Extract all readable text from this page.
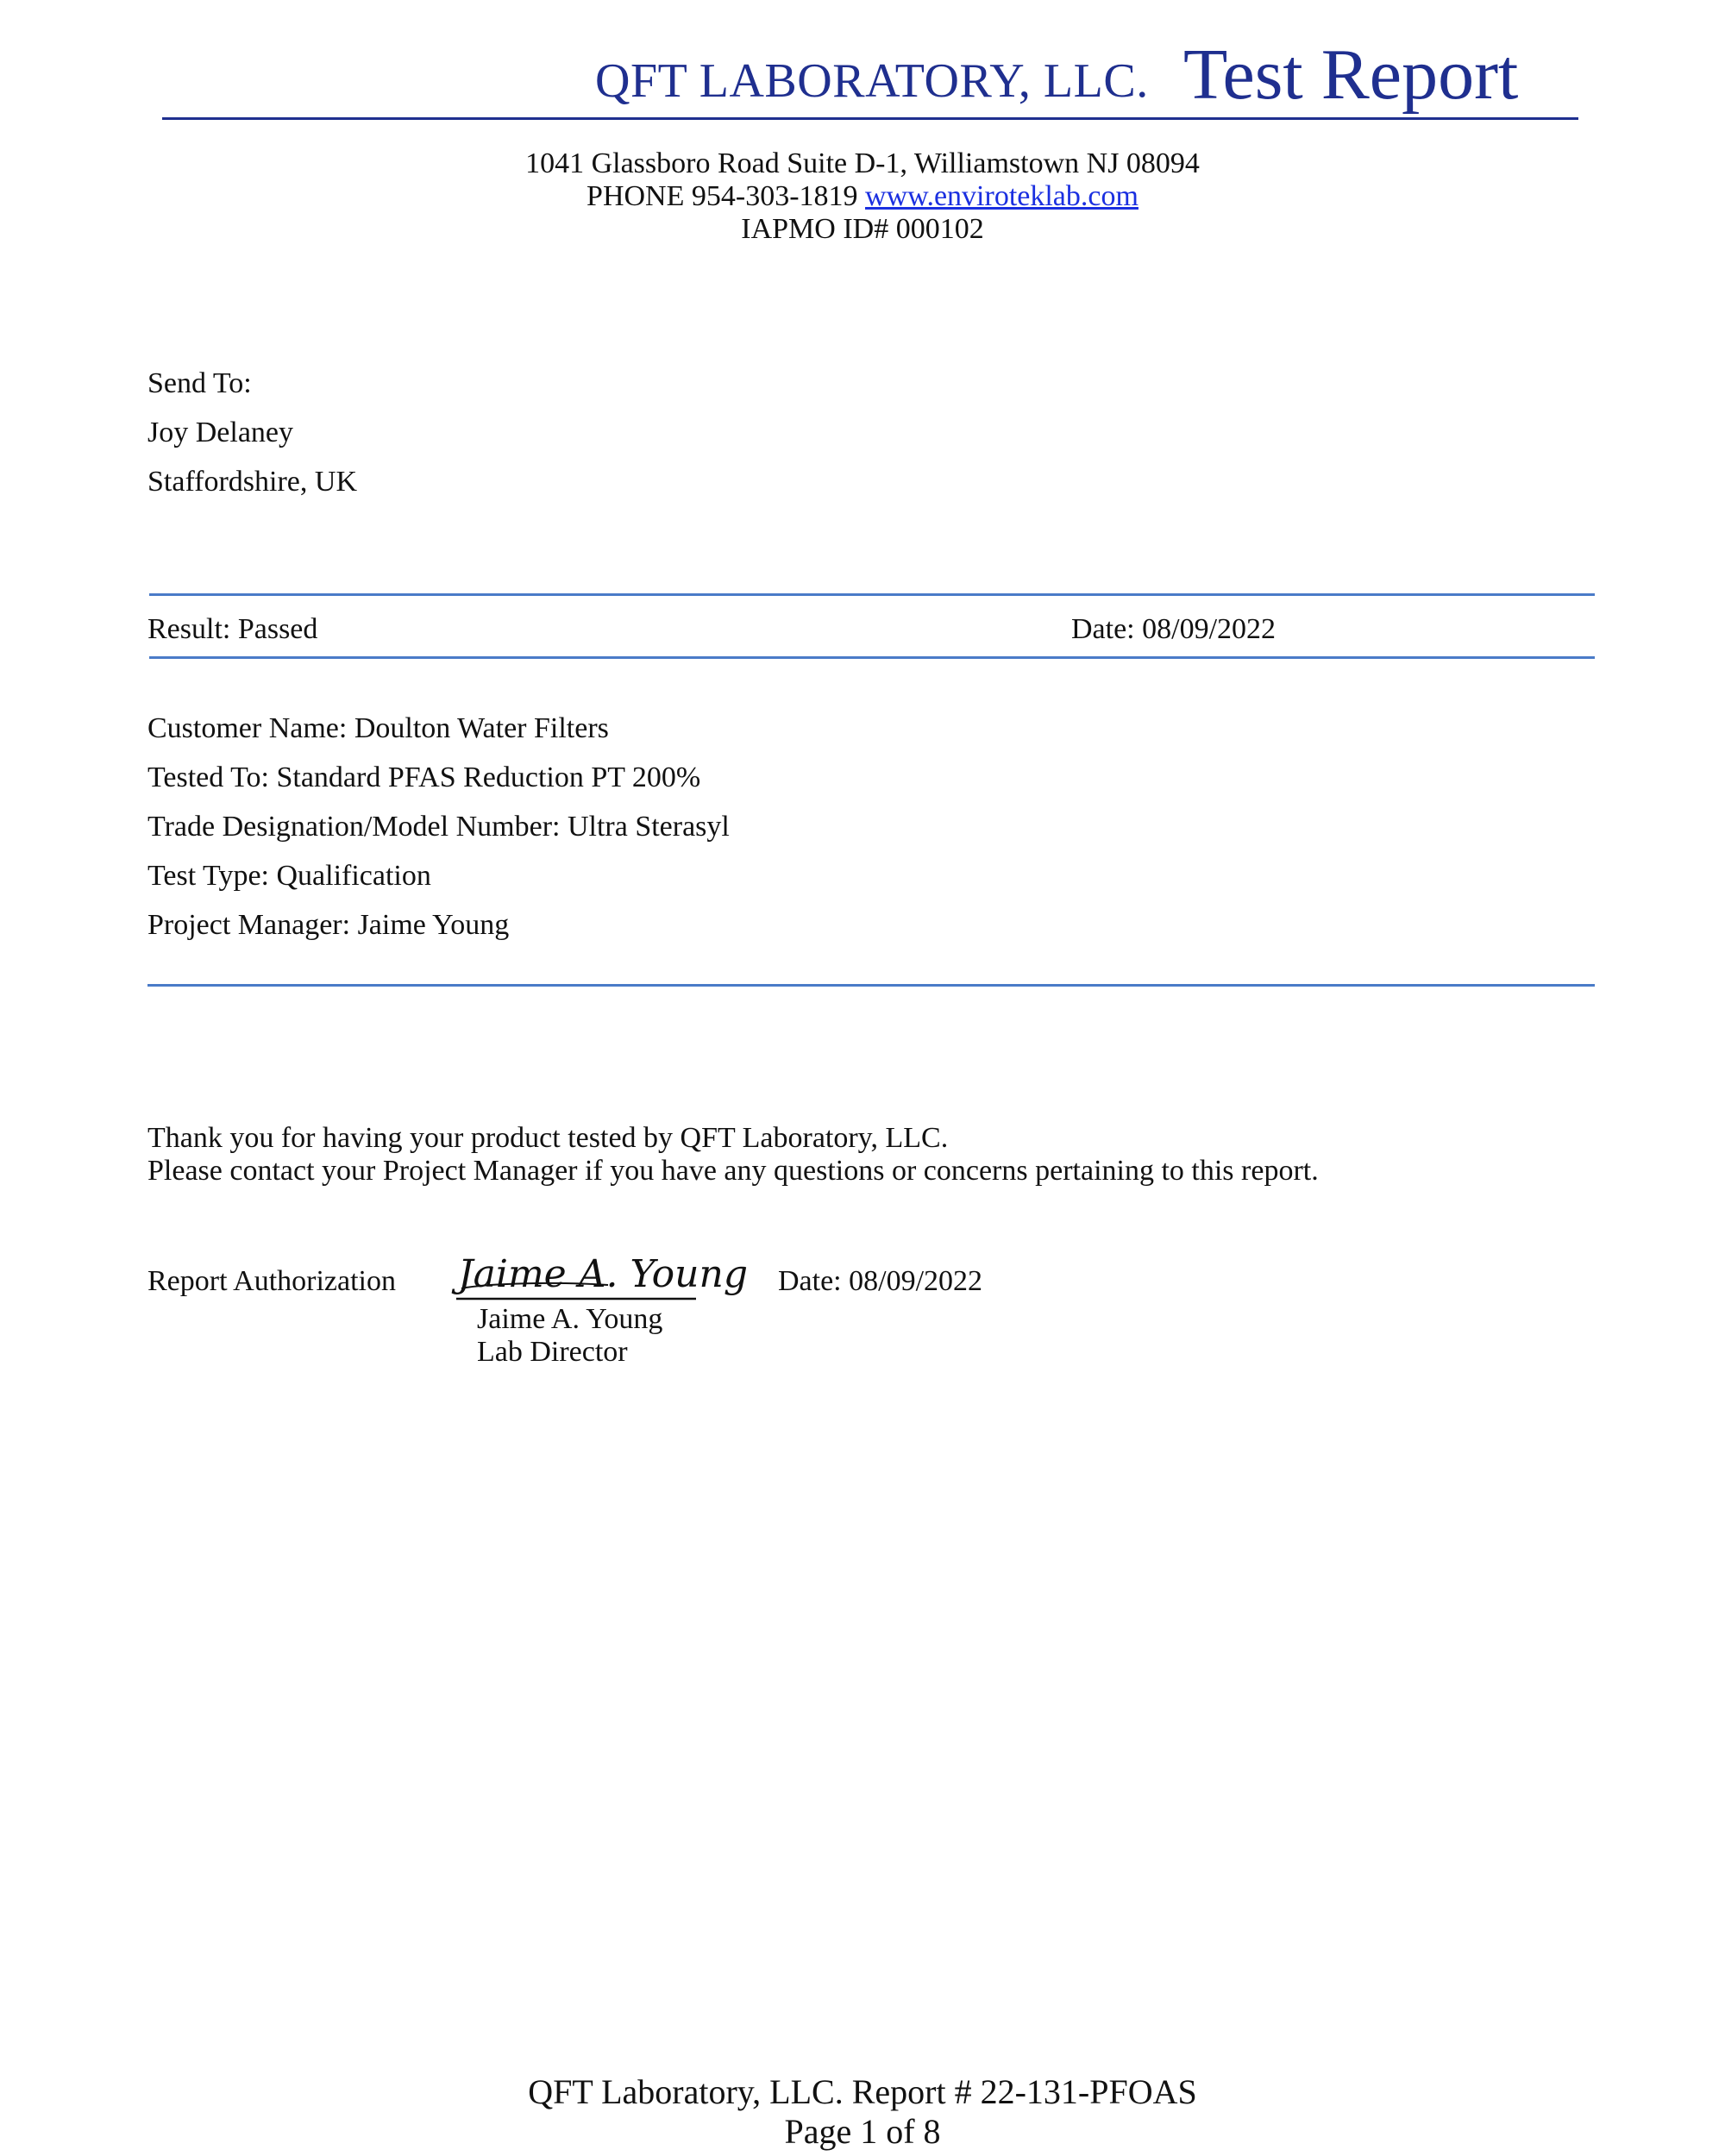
QFT LABORATORY, LLC. Test Report
1041 Glassboro Road Suite D-1, Williamstown NJ 08094
PHONE 954-303-1819 www.enviroteklab.com
IAPMO ID# 000102
Send To:
Joy Delaney
Staffordshire, UK
Result: Passed	Date: 08/09/2022
Customer Name: Doulton Water Filters
Tested To: Standard PFAS Reduction PT 200%
Trade Designation/Model Number: Ultra Sterasyl
Test Type: Qualification
Project Manager: Jaime Young
Thank you for having your product tested by QFT Laboratory, LLC.
Please contact your Project Manager if you have any questions or concerns pertaining to this report.
Report Authorization Jaime A. Young
Jaime A. Young
Lab Director
Date: 08/09/2022
QFT Laboratory, LLC. Report # 22-131-PFOAS
Page 1 of 8
